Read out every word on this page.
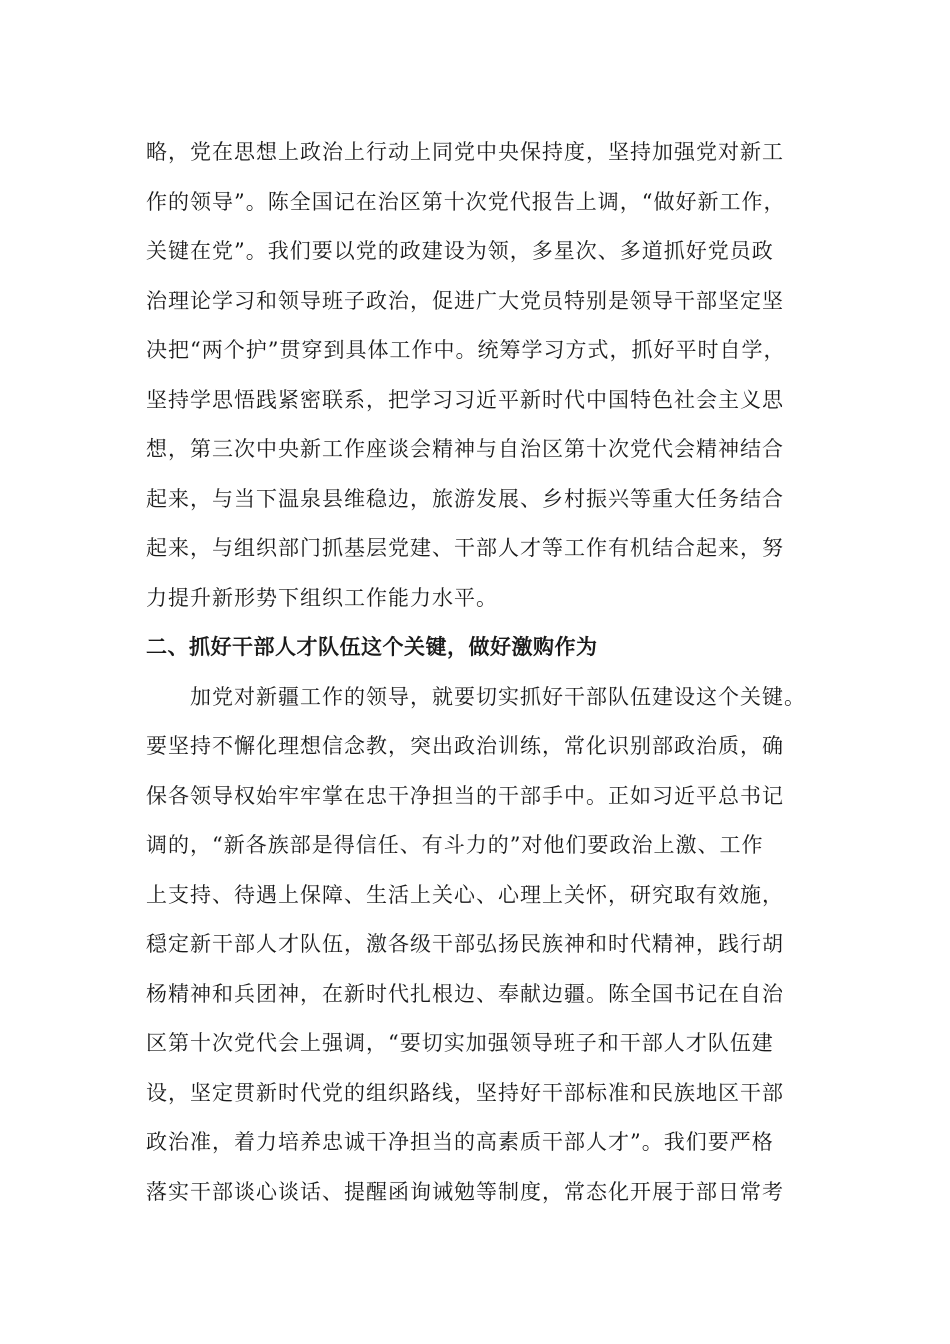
略，党在思想上政治上行动上同党中央保持度，坚持加强党对新工
作的领导”。陈全国记在治区第十次党代报告上调，“做好新工作，
关键在党”。我们要以党的政建设为领，多星次、多道抓好党员政
治理论学习和领导班子政治，促进广大党员特别是领导干部坚定坚
决把“两个护”贯穿到具体工作中。统筹学习方式，抓好平时自学，
坚持学思悟践紧密联系，把学习习近平新时代中国特色社会主义思
想，第三次中央新工作座谈会精神与自治区第十次党代会精神结合
起来，与当下温泉县维稳边，旅游发展、乡村振兴等重大任务结合
起来，与组织部门抓基层党建、干部人才等工作有机结合起来，努
力提升新形势下组织工作能力水平。
二、抓好干部人才队伍这个关键，做好激购作为
　　加党对新疆工作的领导，就要切实抓好干部队伍建设这个关键。
要坚持不懈化理想信念教，突出政治训练，常化识别部政治质，确
保各领导权始牢牢掌在忠干净担当的干部手中。正如习近平总书记
调的，“新各族部是得信任、有斗力的”对他们要政治上激、工作
上支持、待遇上保障、生活上关心、心理上关怀，研究取有效施，
穏定新干部人才队伍，激各级干部弘扬民族神和时代精神，践行胡
杨精神和兵团神，在新时代扎根边、奉献边疆。陈全国书记在自治
区第十次党代会上强调，“要切实加强领导班子和干部人才队伍建
设，坚定贯新时代党的组织路线，坚持好干部标准和民族地区干部
政治准，着力培养忠诚干净担当的高素质干部人才”。我们要严格
落实干部谈心谈话、提醒函询诫勉等制度，常态化开展于部日常考
